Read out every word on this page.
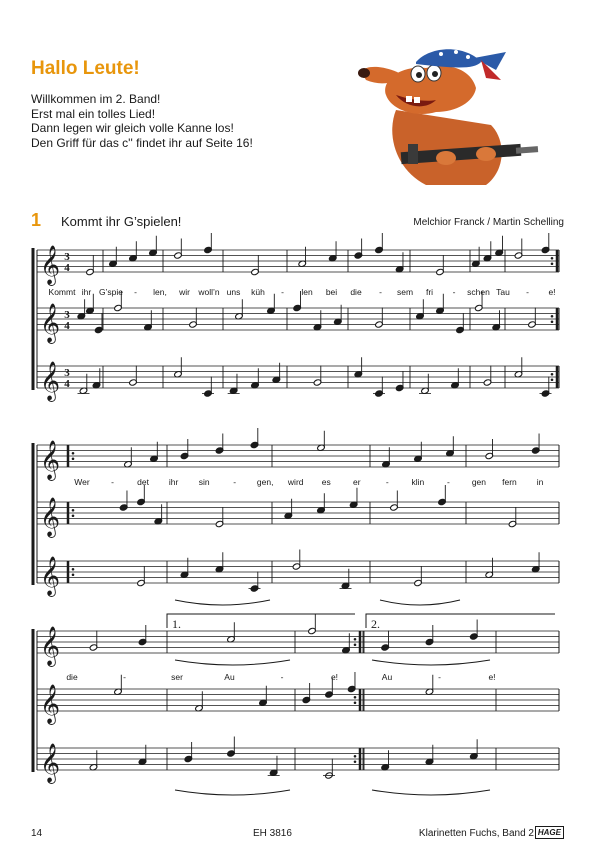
Hallo Leute!
Willkommen im 2. Band!
Erst mal ein tolles Lied!
Dann legen wir gleich volle Kanne los!
Den Griff für das c'' findet ihr auf Seite 16!
1 Kommt ihr G’spielen!	Melchior Franck / Martin Schelling
𝄞 3
4
𝄞 3
4
𝄞 3
4
Kommt ihr G’spie - len, wir woll’n uns küh - len bei die - sem fri - schen Tau - e!
𝄞
𝄞
𝄞
Wer	-	det ihr sin	- gen, wird es	er	-	klin	-	gen fern in
𝄞
𝄞
𝄞
1.	2.
die	-	ser	Au	-	e!	Au	-	e!
14	EH 3816	Klarinetten Fuchs, Band 2 HAGE
